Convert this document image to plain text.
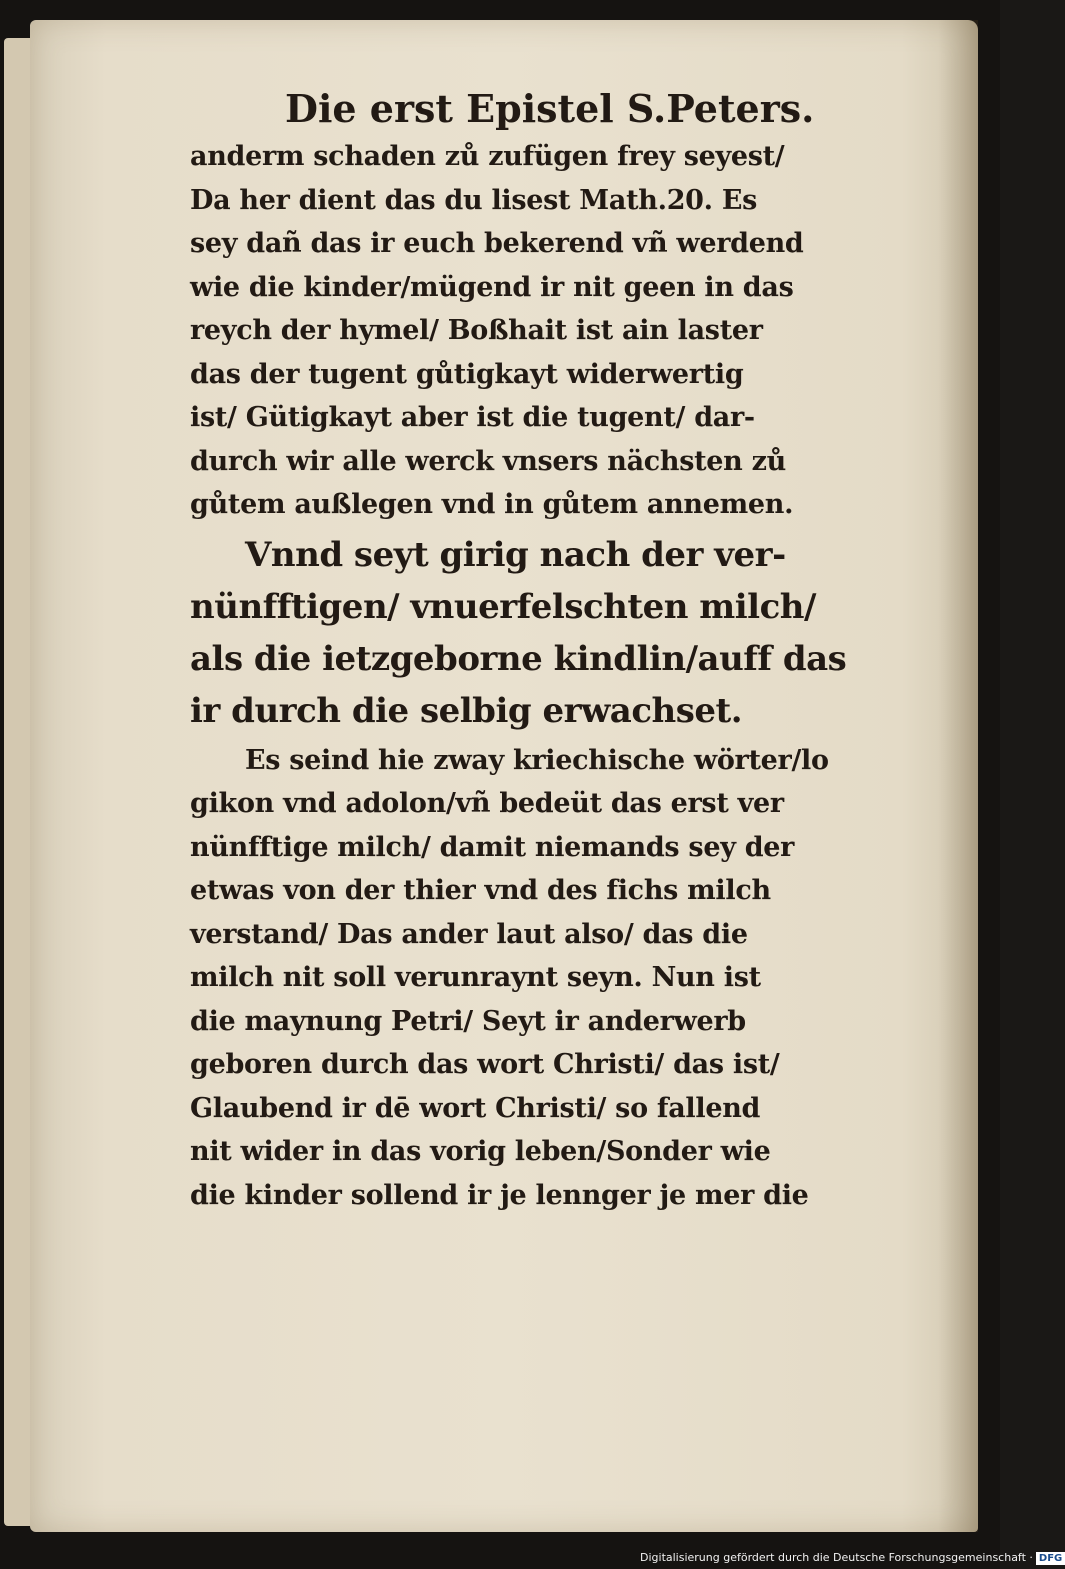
Die erst Epistel S.Peters.
anderm schaden zů zufügen frey seyest/
Da her dient das du lisest Math.20. Es
sey dañ das ir euch bekerend vñ werdend
wie die kinder/mügend ir nit geen in das
reych der hymel/ Boßhait ist ain laster
das der tugent gůtigkayt widerwertig
ist/ Gütigkayt aber ist die tugent/ dar-
durch wir alle werck vnsers nächsten zů
gůtem außlegen vnd in gůtem annemen.
Vnnd seyt girig nach der ver-
nünfftigen/ vnuerfelschten milch/
als die ietzgeborne kindlin/auff das
ir durch die selbig erwachset.
Es seind hie zway kriechische wörter/lo
gikon vnd adolon/vñ bedeüt das erst ver
nünfftige milch/ damit niemands sey der
etwas von der thier vnd des fichs milch
verstand/ Das ander laut also/ das die
milch nit soll verunraynt seyn. Nun ist
die maynung Petri/ Seyt ir anderwerb
geboren durch das wort Christi/ das ist/
Glaubend ir dē wort Christi/ so fallend
nit wider in das vorig leben/Sonder wie
die kinder sollend ir je lennger je mer die
Digitalisierung gefördert durch die Deutsche Forschungsgemeinschaft · DFG
